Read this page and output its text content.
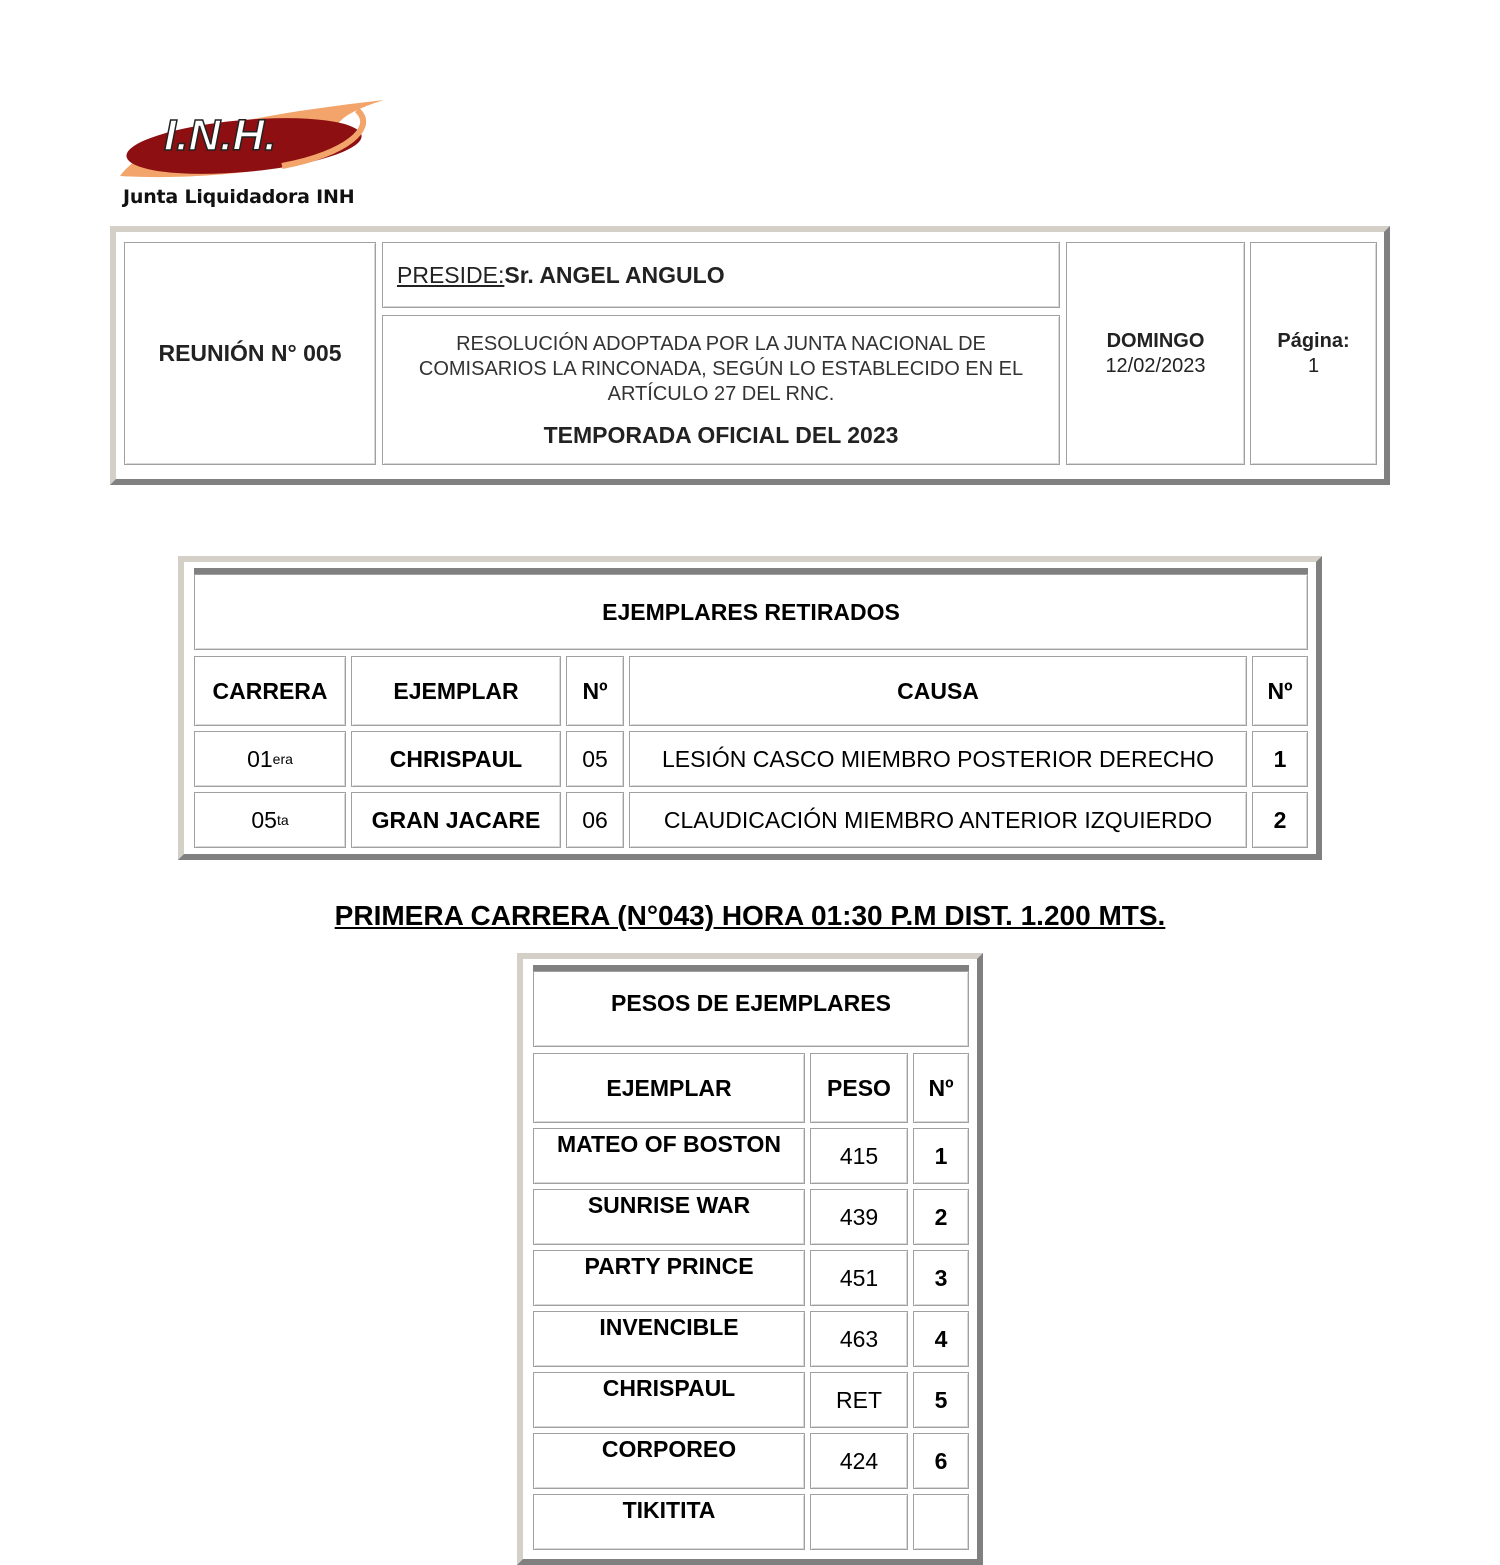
I.N.H.
Junta Liquidadora INH
REUNIÓN N° 005
PRESIDE: Sr. ANGEL ANGULO
RESOLUCIÓN ADOPTADA POR LA JUNTA NACIONAL DE COMISARIOS LA RINCONADA, SEGÚN LO ESTABLECIDO EN EL ARTÍCULO 27 DEL RNC.
TEMPORADA OFICIAL DEL 2023
DOMINGO
12/02/2023
Página:
1
EJEMPLARES RETIRADOS
CARRERA	EJEMPLAR	Nº	CAUSA	Nº
01 era	CHRISPAUL	05	LESIÓN CASCO MIEMBRO POSTERIOR DERECHO	1
05 ta	GRAN JACARE	06	CLAUDICACIÓN MIEMBRO ANTERIOR IZQUIERDO	2
PRIMERA CARRERA (N°043) HORA 01:30 P.M DIST. 1.200 MTS.
PESOS DE EJEMPLARES
EJEMPLAR	PESO	Nº
MATEO OF BOSTON	415	1
SUNRISE WAR	439	2
PARTY PRINCE	451	3
INVENCIBLE	463	4
CHRISPAUL	RET	5
CORPOREO	424	6
TIKITITA
